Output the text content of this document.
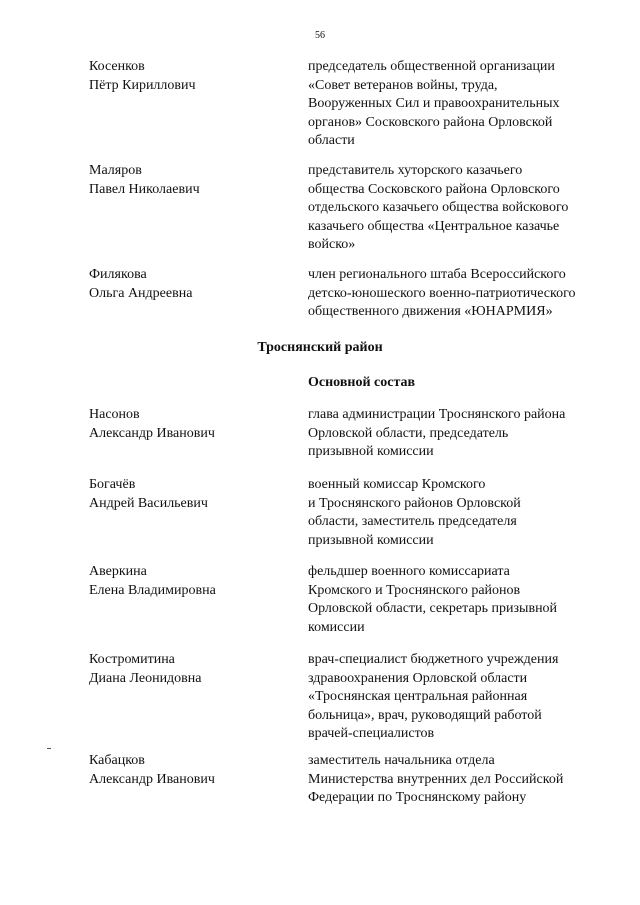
56
Косенков
Пётр Кириллович
председатель общественной организации
«Совет ветеранов войны, труда,
Вооруженных Сил и правоохранительных
органов» Сосковского района Орловской
области
Маляров
Павел Николаевич
представитель хуторского казачьего
общества Сосковского района Орловского
отдельского казачьего общества войскового
казачьего общества «Центральное казачье
войско»
Филякова
Ольга Андреевна
член регионального штаба Всероссийского
детско-юношеского военно-патриотического
общественного движения «ЮНАРМИЯ»
Троснянский район
Основной состав
Насонов
Александр Иванович
глава администрации Троснянского района
Орловской области, председатель
призывной комиссии
Богачёв
Андрей Васильевич
военный комиссар Кромского
и Троснянского районов Орловской
области, заместитель председателя
призывной комиссии
Аверкина
Елена Владимировна
фельдшер военного комиссариата
Кромского и Троснянского районов
Орловской области, секретарь призывной
комиссии
Костромитина
Диана Леонидовна
врач-специалист бюджетного учреждения
здравоохранения Орловской области
«Троснянская центральная районная
больница», врач, руководящий работой
врачей-специалистов
Кабацков
Александр Иванович
заместитель начальника отдела
Министерства внутренних дел Российской
Федерации по Троснянскому району
